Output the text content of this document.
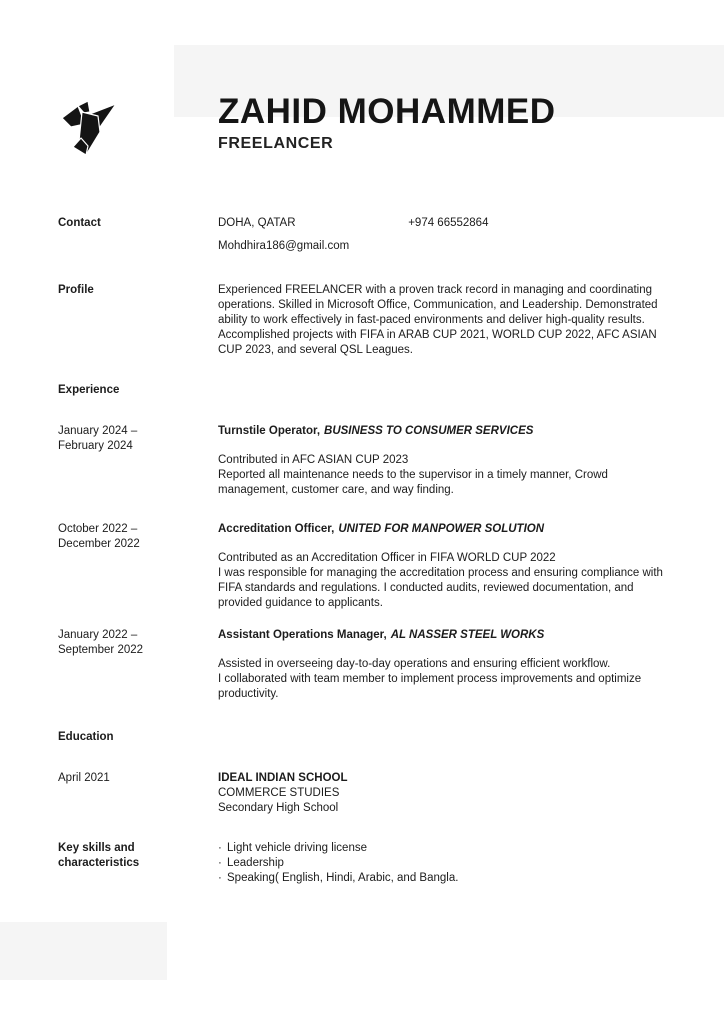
ZAHID MOHAMMED
FREELANCER
Contact	DOHA, QATAR	+974 66552864
Mohdhira186@gmail.com
Profile	Experienced FREELANCER with a proven track record in managing and coordinating operations. Skilled in Microsoft Office, Communication, and Leadership. Demonstrated ability to work effectively in fast-paced environments and deliver high-quality results. Accomplished projects with FIFA in ARAB CUP 2021, WORLD CUP 2022, AFC ASIAN CUP 2023, and several QSL Leagues.
Experience
January 2024 –
February 2024
Turnstile Operator, BUSINESS TO CONSUMER SERVICES
Contributed in AFC ASIAN CUP 2023
Reported all maintenance needs to the supervisor in a timely manner, Crowd management, customer care, and way finding.
October 2022 –
December 2022
Accreditation Officer, UNITED FOR MANPOWER SOLUTION
Contributed as an Accreditation Officer in FIFA WORLD CUP 2022
I was responsible for managing the accreditation process and ensuring compliance with FIFA standards and regulations. I conducted audits, reviewed documentation, and provided guidance to applicants.
January 2022 –
September 2022
Assistant Operations Manager, AL NASSER STEEL WORKS
Assisted in overseeing day-to-day operations and ensuring efficient workflow.
I collaborated with team member to implement process improvements and optimize productivity.
Education
April 2021	IDEAL INDIAN SCHOOL
COMMERCE STUDIES
Secondary High School
Key skills and characteristics
· Light vehicle driving license
· Leadership
· Speaking( English, Hindi, Arabic, and Bangla.
